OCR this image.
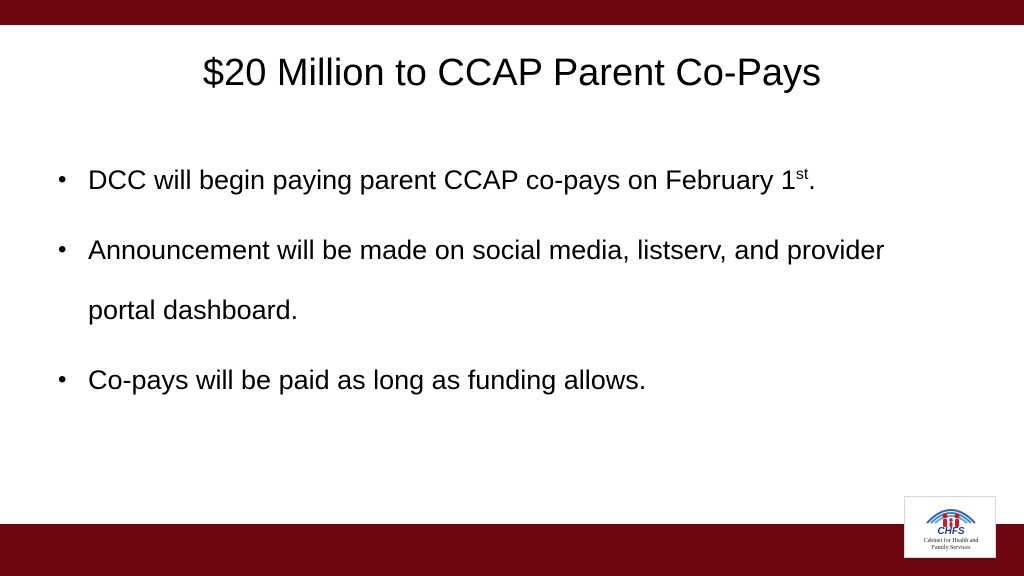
$20 Million to CCAP Parent Co-Pays
• DCC will begin paying parent CCAP co-pays on February 1st.
• Announcement will be made on social media, listserv, and provider portal dashboard.
• Co-pays will be paid as long as funding allows.
CHFS
Cabinet for Health and
Family Services
